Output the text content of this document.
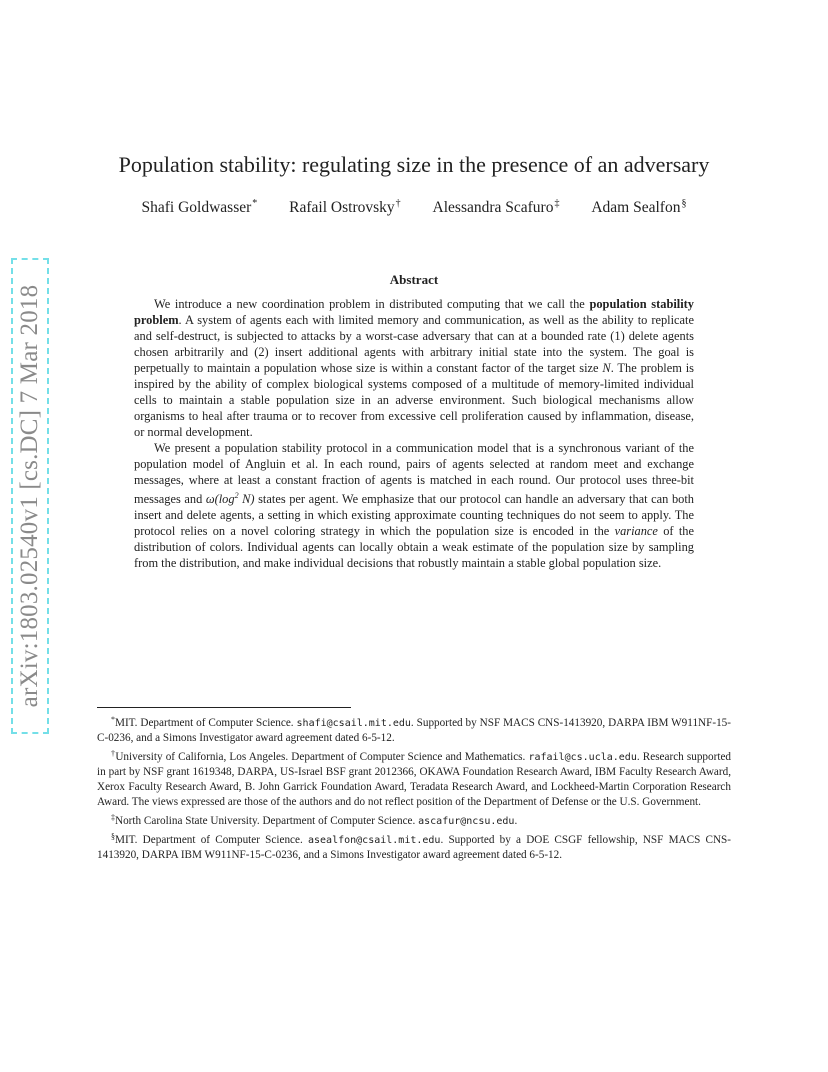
arXiv:1803.02540v1 [cs.DC] 7 Mar 2018
Population stability: regulating size in the presence of an adversary
Shafi Goldwasser* Rafail Ostrovsky† Alessandra Scafuro‡ Adam Sealfon§
Abstract

We introduce a new coordination problem in distributed computing that we call the population stability problem. A system of agents each with limited memory and communication, as well as the ability to replicate and self-destruct, is subjected to attacks by a worst-case adversary that can at a bounded rate (1) delete agents chosen arbitrarily and (2) insert additional agents with arbitrary initial state into the system. The goal is perpetually to maintain a population whose size is within a constant factor of the target size N. The problem is inspired by the ability of complex biological systems composed of a multitude of memory-limited individual cells to maintain a stable population size in an adverse environment. Such biological mechanisms allow organisms to heal after trauma or to recover from excessive cell proliferation caused by inflammation, disease, or normal development.

We present a population stability protocol in a communication model that is a synchronous variant of the population model of Angluin et al. In each round, pairs of agents selected at random meet and exchange messages, where at least a constant fraction of agents is matched in each round. Our protocol uses three-bit messages and $\omega(\log^2$ N) states per agent. We emphasize that our protocol can handle an adversary that can both insert and delete agents, a setting in which existing approximate counting techniques do not seem to apply. The protocol relies on a novel coloring strategy in which the population size is encoded in the variance of the distribution of colors. Individual agents can locally obtain a weak estimate of the population size by sampling from the distribution, and make individual decisions that robustly maintain a stable global population size.

*MIT. Department of Computer Science. shafi@csail.mit.edu. Supported by NSF MACS CNS-1413920, DARPA IBM W911NF-15-C-0236, and a Simons Investigator award agreement dated 6-5-12.

†University of California, Los Angeles. Department of Computer Science and Mathematics. rafail@cs.ucla.edu. Research supported in part by NSF grant 1619348, DARPA, US-Israel BSF grant 2012366, OKAWA Foundation Research Award, IBM Faculty Research Award, Xerox Faculty Research Award, B. John Garrick Foundation Award, Teradata Research Award, and Lockheed-Martin Corporation Research Award. The views expressed are those of the authors and do not reflect position of the Department of Defense or the U.S. Government.

‡North Carolina State University. Department of Computer Science. ascafur@ncsu.edu.

§MIT. Department of Computer Science. asealfon@csail.mit.edu. Supported by a DOE CSGF fellowship, NSF MACS CNS-1413920, DARPA IBM W911NF-15-C-0236, and a Simons Investigator award agreement dated 6-5-12.
